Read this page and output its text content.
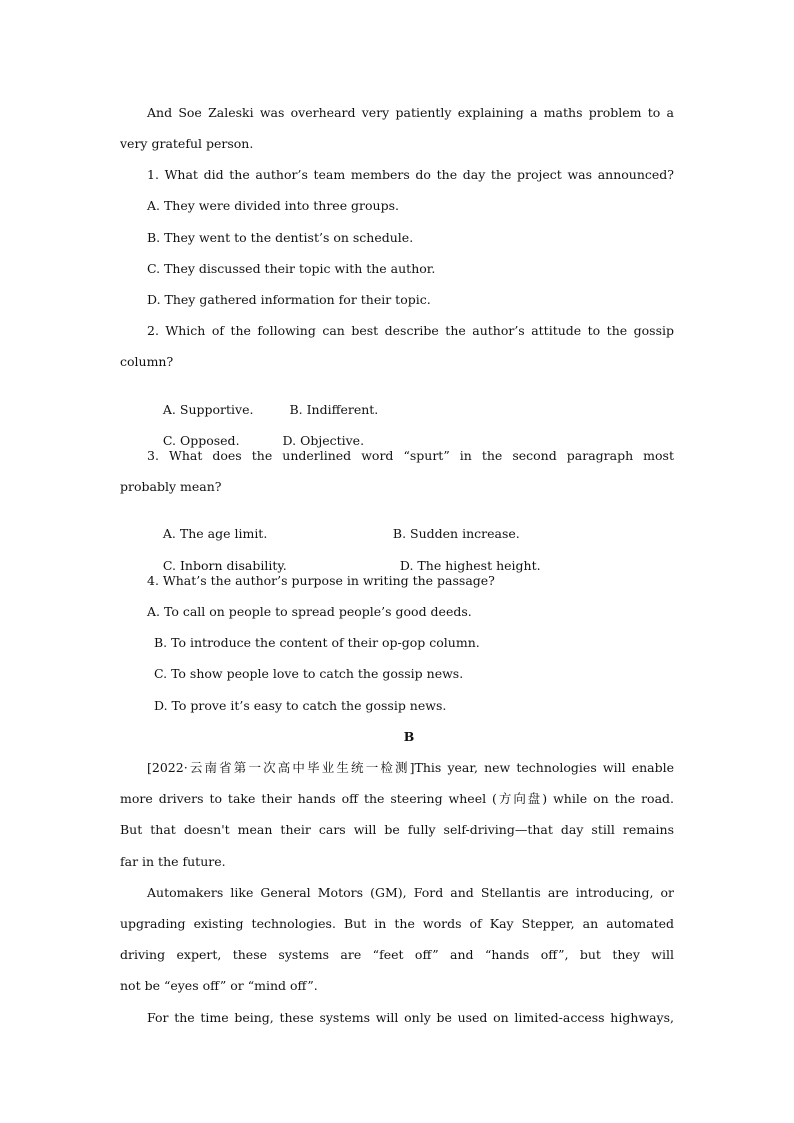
And Soe Zaleski was overheard very patiently explaining a maths problem to a
very grateful person.
1. What did the author’s team members do the day the project was announced?
A. They were divided into three groups.
B. They went to the dentist’s on schedule.
C. They discussed their topic with the author.
D. They gathered information for their topic.
2. Which of the following can best describe the author’s attitude to the gossip
column?

A. Supportive.	B. Indifferent.

C. Opposed.	D. Objective.

3. What does the underlined word “spurt” in the second paragraph most
probably mean?

A. The age limit.	B. Sudden increase.

C. Inborn disability.	D. The highest height.

4. What’s the author’s purpose in writing the passage?
A. To call on people to spread people’s good deeds.
B. To introduce the content of their op-gop column.
C. To show people love to catch the gossip news.
D. To prove it’s easy to catch the gossip news.
B
[2022·云南省第一次高中毕业生统一检测]This year, new technologies will enable
more drivers to take their hands off the steering wheel (方向盘) while on the road.
But that doesn't mean their cars will be fully self-driving—that day still remains
far in the future.
Automakers like General Motors (GM), Ford and Stellantis are introducing, or
upgrading existing technologies. But in the words of Kay Stepper, an automated
driving expert, these systems are “feet off” and “hands off”, but they will
not be “eyes off” or “mind off”.
For the time being, these systems will only be used on limited-access highways,
